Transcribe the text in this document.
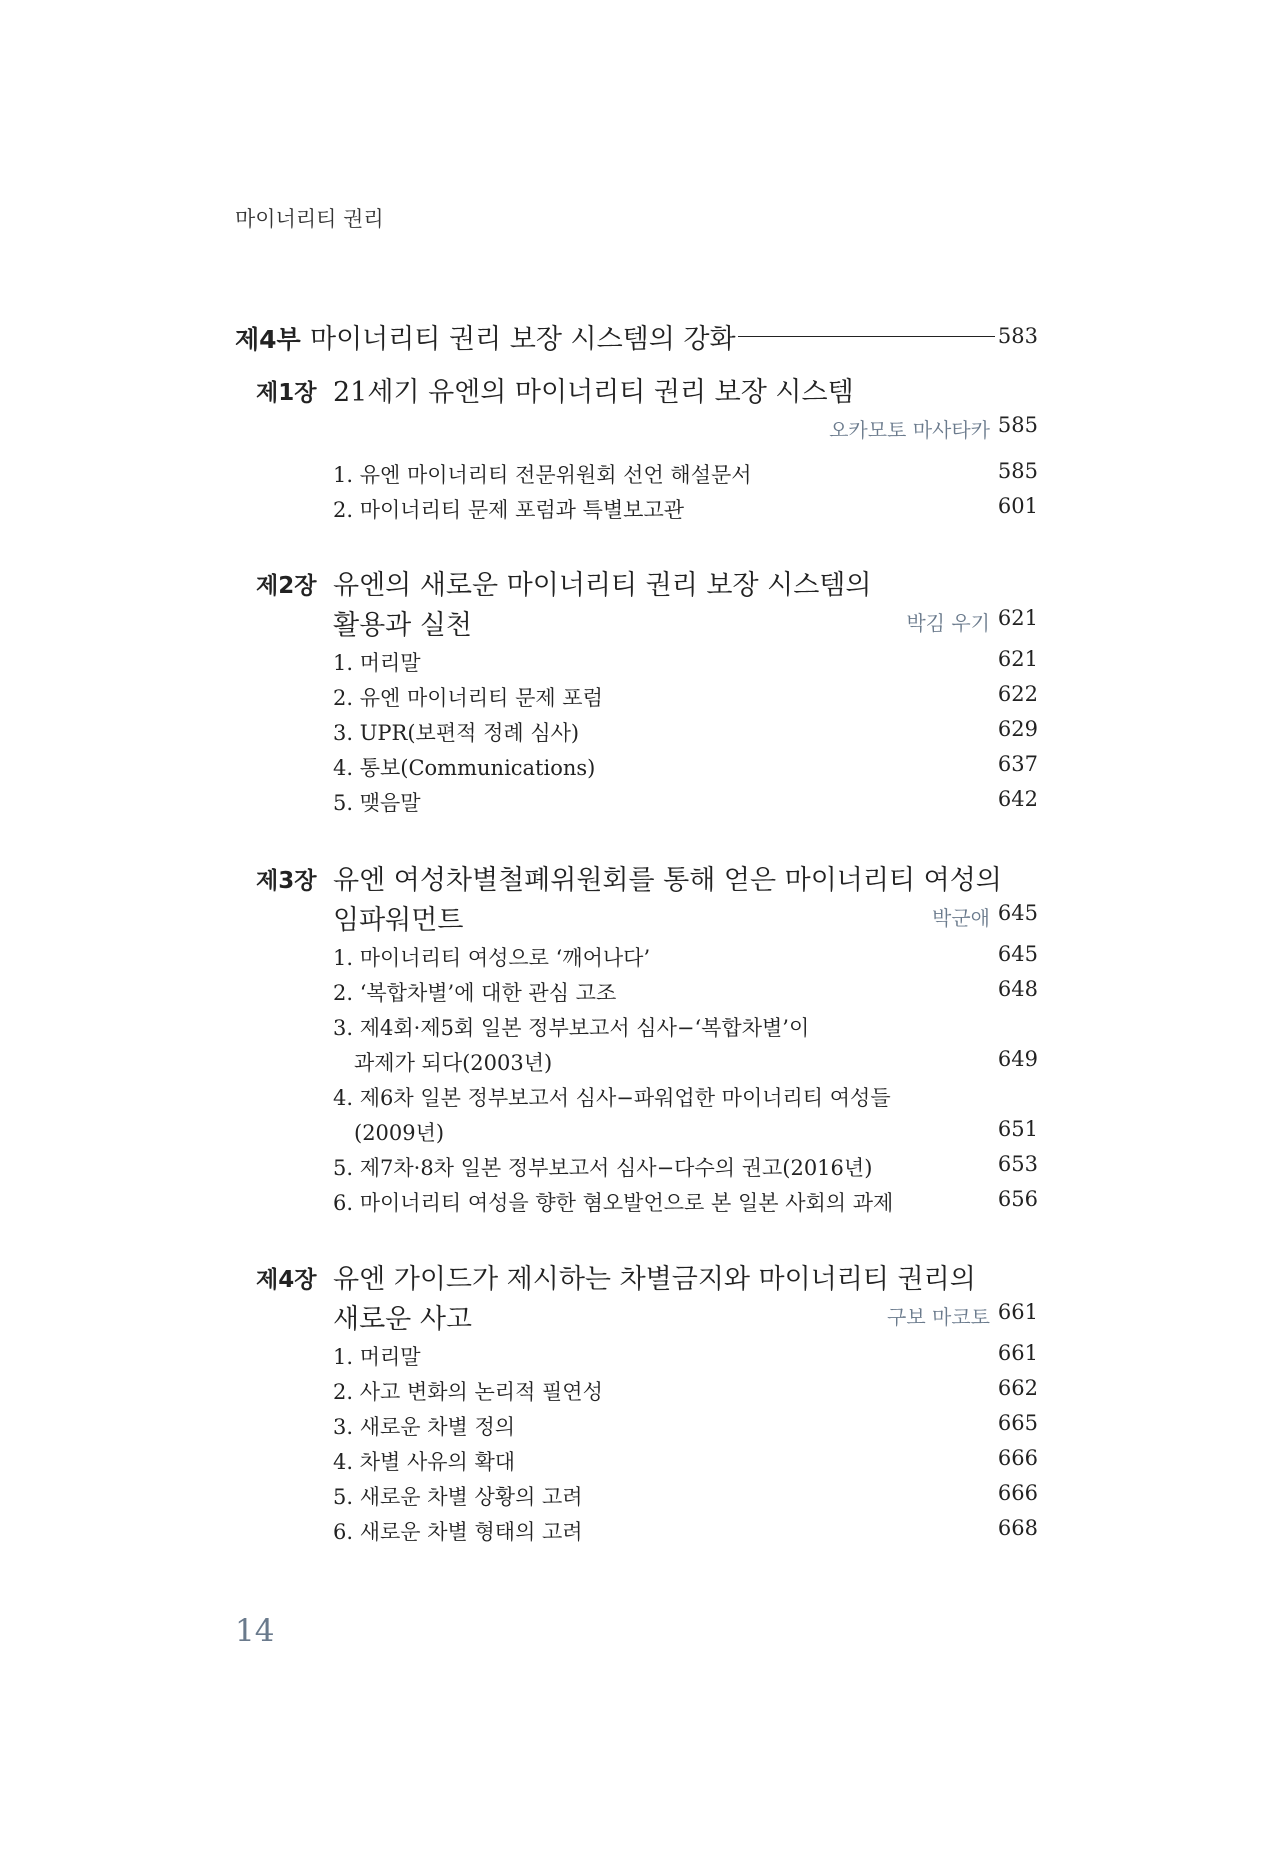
마이너리티 권리
제4부 마이너리티 권리 보장 시스템의 강화	583
제1장 21세기 유엔의 마이너리티 권리 보장 시스템
오카모토 마사타카 585
1. 유엔 마이너리티 전문위원회 선언 해설문서	585
2. 마이너리티 문제 포럼과 특별보고관	601
제2장 유엔의 새로운 마이너리티 권리 보장 시스템의
활용과 실천	박김 우기 621
1. 머리말	621
2. 유엔 마이너리티 문제 포럼	622
3. UPR(보편적 정례 심사)	629
4. 통보(Communications)	637
5. 맺음말	642
제3장 유엔 여성차별철폐위원회를 통해 얻은 마이너리티 여성의
임파워먼트	박군애 645
1. 마이너리티 여성으로 ‘깨어나다’	645
2. ‘복합차별’에 대한 관심 고조	648
3. 제4회·제5회 일본 정부보고서 심사−‘복합차별’이
과제가 되다(2003년)	649
4. 제6차 일본 정부보고서 심사−파워업한 마이너리티 여성들
(2009년)	651
5. 제7차·8차 일본 정부보고서 심사−다수의 권고(2016년)	653
6. 마이너리티 여성을 향한 혐오발언으로 본 일본 사회의 과제	656
제4장 유엔 가이드가 제시하는 차별금지와 마이너리티 권리의
새로운 사고	구보 마코토 661
1. 머리말	661
2. 사고 변화의 논리적 필연성	662
3. 새로운 차별 정의	665
4. 차별 사유의 확대	666
5. 새로운 차별 상황의 고려	666
6. 새로운 차별 형태의 고려	668
14
